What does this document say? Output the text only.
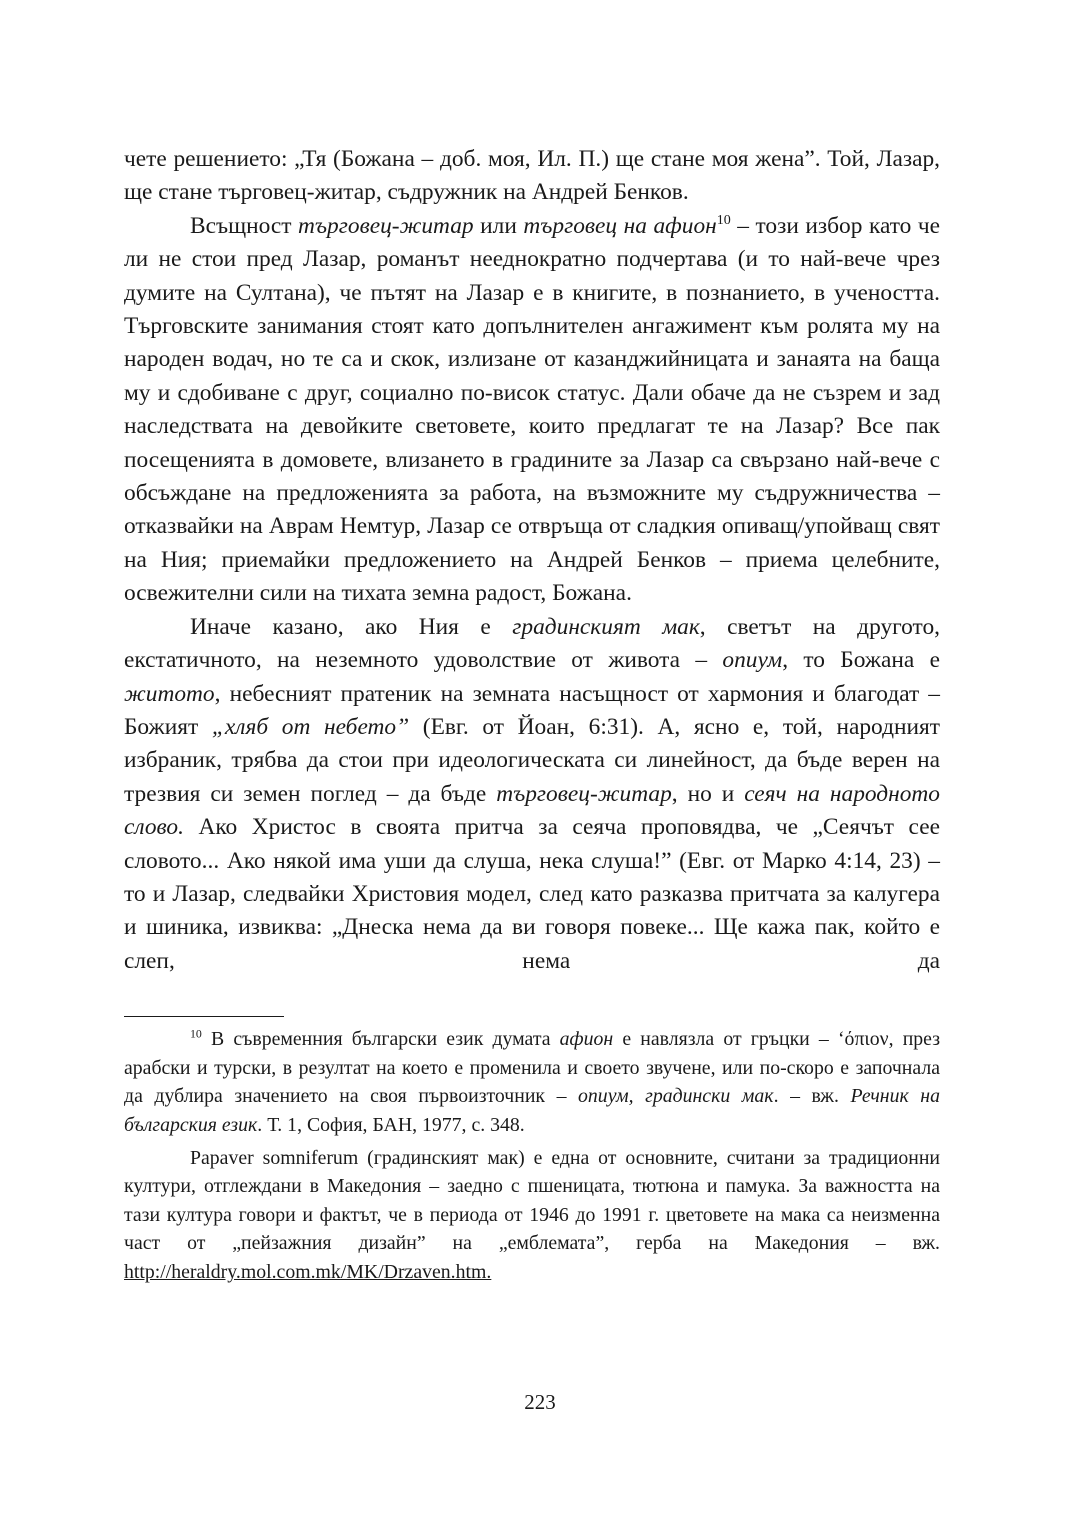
чете решението: „Тя (Божана – доб. моя, Ил. П.) ще стане моя жена”. Той, Лазар, ще стане търговец-житар, съдружник на Андрей Бенков.

Всъщност търговец-житар или търговец на афион$^{10}$ – този избор като че ли не стои пред Лазар, романът нееднократно подчертава (и то най-вече чрез думите на Султана), че пътят на Лазар е в книгите, в познанието, в учеността. Търговските занимания стоят като допълнителен ангажимент към ролята му на народен водач, но те са и скок, излизане от казанджийницата и занаята на баща му и сдобиване с друг, социално по-висок статус. Дали обаче да не съзрем и зад наследствата на девойките световете, които предлагат те на Лазар? Все пак посещенията в домовете, влизането в градините за Лазар са свързано най-вече с обсъждане на предложенията за работа, на възможните му съдружничества – отказвайки на Аврам Немтур, Лазар се отвръща от сладкия опиващ/упойващ свят на Ния; приемайки предложението на Андрей Бенков – приема целебните, освежителни сили на тихата земна радост, Божана.

Иначе казано, ако Ния е градинският мак, светът на другото, екстатичното, на неземното удоволствие от живота – опиум, то Божана е житото, небесният пратеник на земната насъщност от хармония и благодат – Божият „хляб от небето” (Евг. от Йоан, 6:31). А, ясно е, той, народният избраник, трябва да стои при идеологическата си линейност, да бъде верен на трезвия си земен поглед – да бъде търговец-житар, но и сеяч на народното слово. Ако Христос в своята притча за сеяча проповядва, че „Сеячът сее словото... Ако някой има уши да слуша, нека слуша!” (Евг. от Марко 4:14, 23) – то и Лазар, следвайки Христовия модел, след като разказва притчата за калугера и шиника, извиква: „Днеска нема да ви говоря повеке... Ще кажа пак, който е слеп, нема да

$^{10}$ В съвременния български език думата афион е навлязла от гръцки – ‘όπιον, през арабски и турски, в резултат на което е променила и своето звучене, или по-скоро е започнала да дублира значението на своя първоизточник – опиум, градински мак. – вж. Речник на българския език. Т. 1, София, БАН, 1977, с. 348.

Papaver somniferum (градинският мак) е една от основните, считани за традиционни култури, отглеждани в Македония – заедно с пшеницата, тютюна и памука. За важността на тази култура говори и фактът, че в периода от 1946 до 1991 г. цветовете на мака са неизменна част от „пейзажния дизайн” на „емблемата”, герба на Македония – вж. http://heraldry.mol.com.mk/MK/Drzaven.htm.

223
